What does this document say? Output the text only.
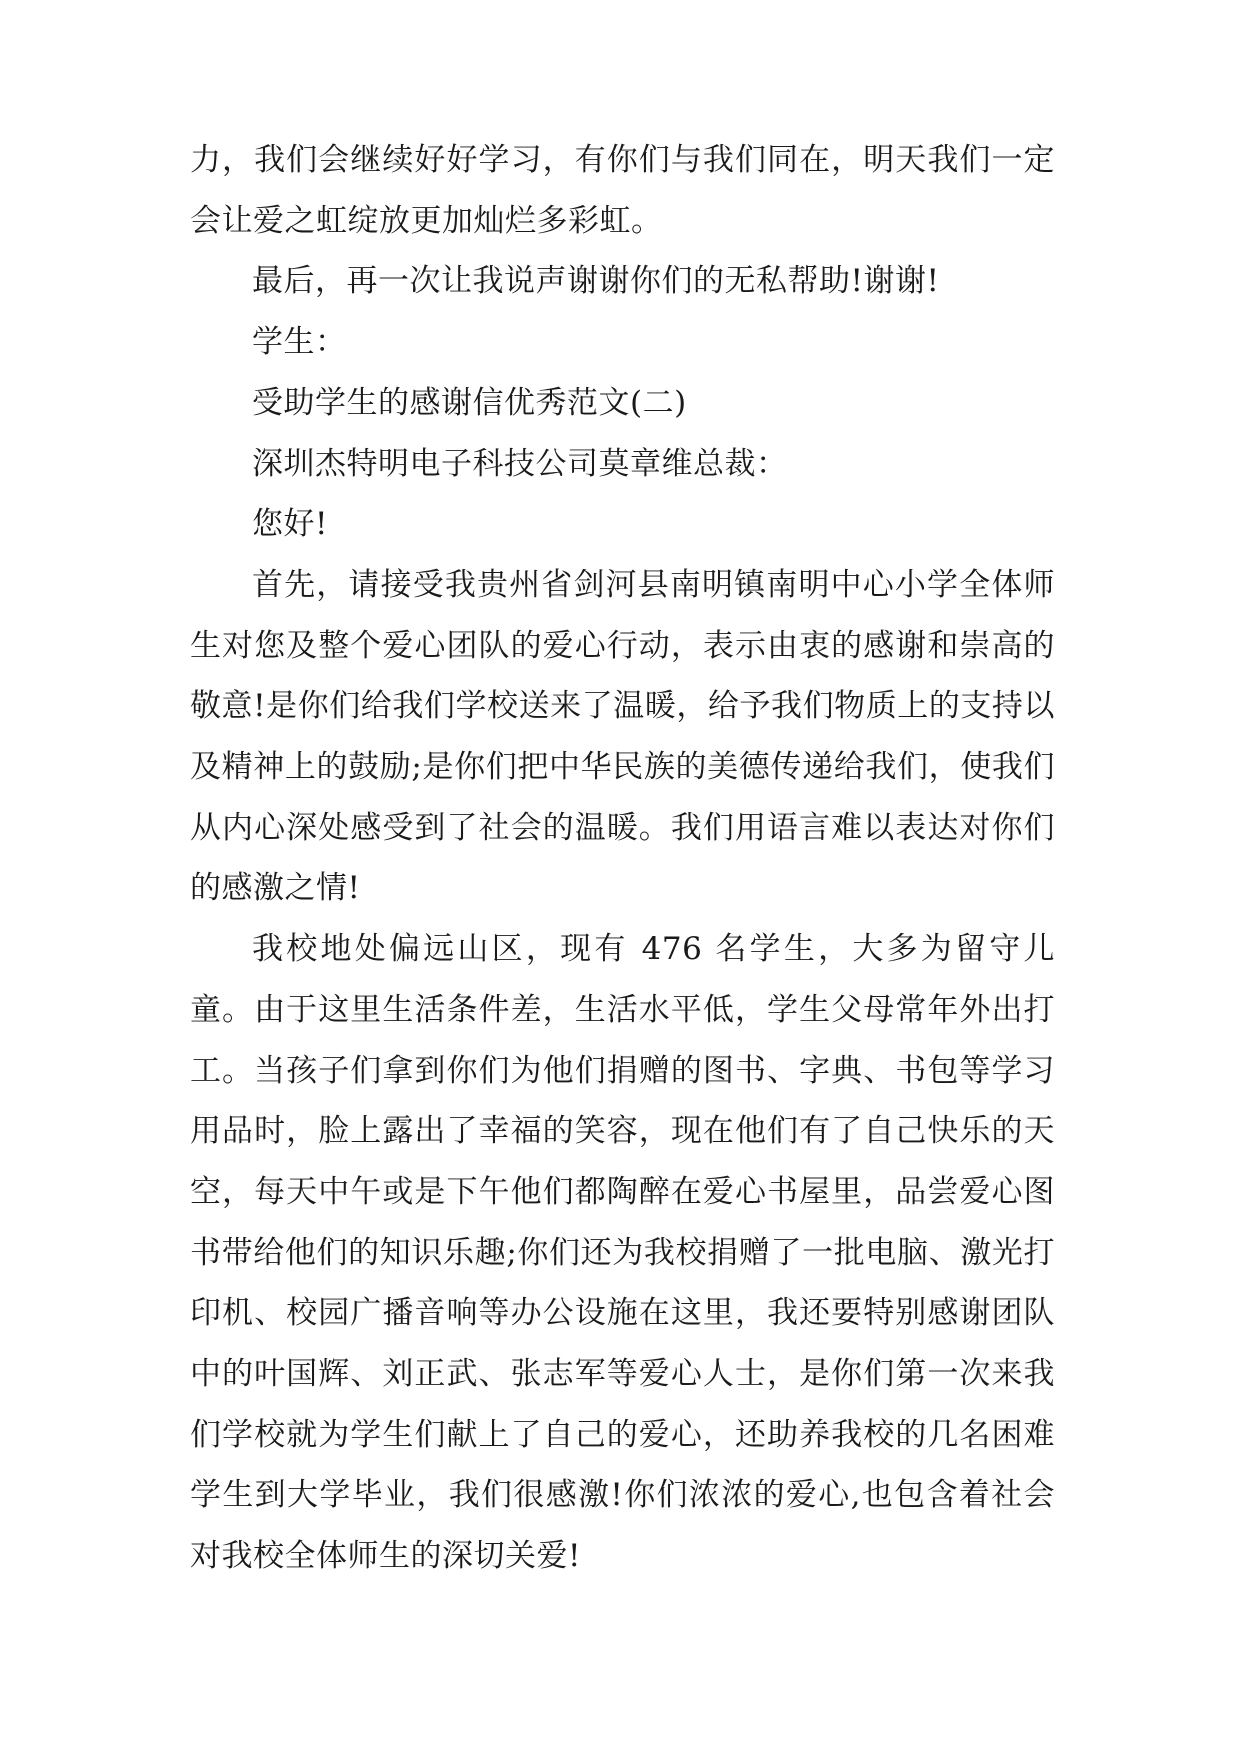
力，我们会继续好好学习，有你们与我们同在，明天我们一定会让爱之虹绽放更加灿烂多彩虹。

最后，再一次让我说声谢谢你们的无私帮助!谢谢!

学生：

受助学生的感谢信优秀范文(二)

深圳杰特明电子科技公司莫章维总裁：

您好!

首先，请接受我贵州省剑河县南明镇南明中心小学全体师生对您及整个爱心团队的爱心行动，表示由衷的感谢和崇高的敬意!是你们给我们学校送来了温暖，给予我们物质上的支持以及精神上的鼓励;是你们把中华民族的美德传递给我们，使我们从内心深处感受到了社会的温暖。我们用语言难以表达对你们的感激之情!

我校地处偏远山区，现有 476 名学生，大多为留守儿童。由于这里生活条件差，生活水平低，学生父母常年外出打工。当孩子们拿到你们为他们捐赠的图书、字典、书包等学习用品时，脸上露出了幸福的笑容，现在他们有了自己快乐的天空，每天中午或是下午他们都陶醉在爱心书屋里，品尝爱心图书带给他们的知识乐趣;你们还为我校捐赠了一批电脑、激光打印机、校园广播音响等办公设施在这里，我还要特别感谢团队中的叶国辉、刘正武、张志军等爱心人士，是你们第一次来我们学校就为学生们献上了自己的爱心，还助养我校的几名困难学生到大学毕业，我们很感激!你们浓浓的爱心,也包含着社会对我校全体师生的深切关爱!
